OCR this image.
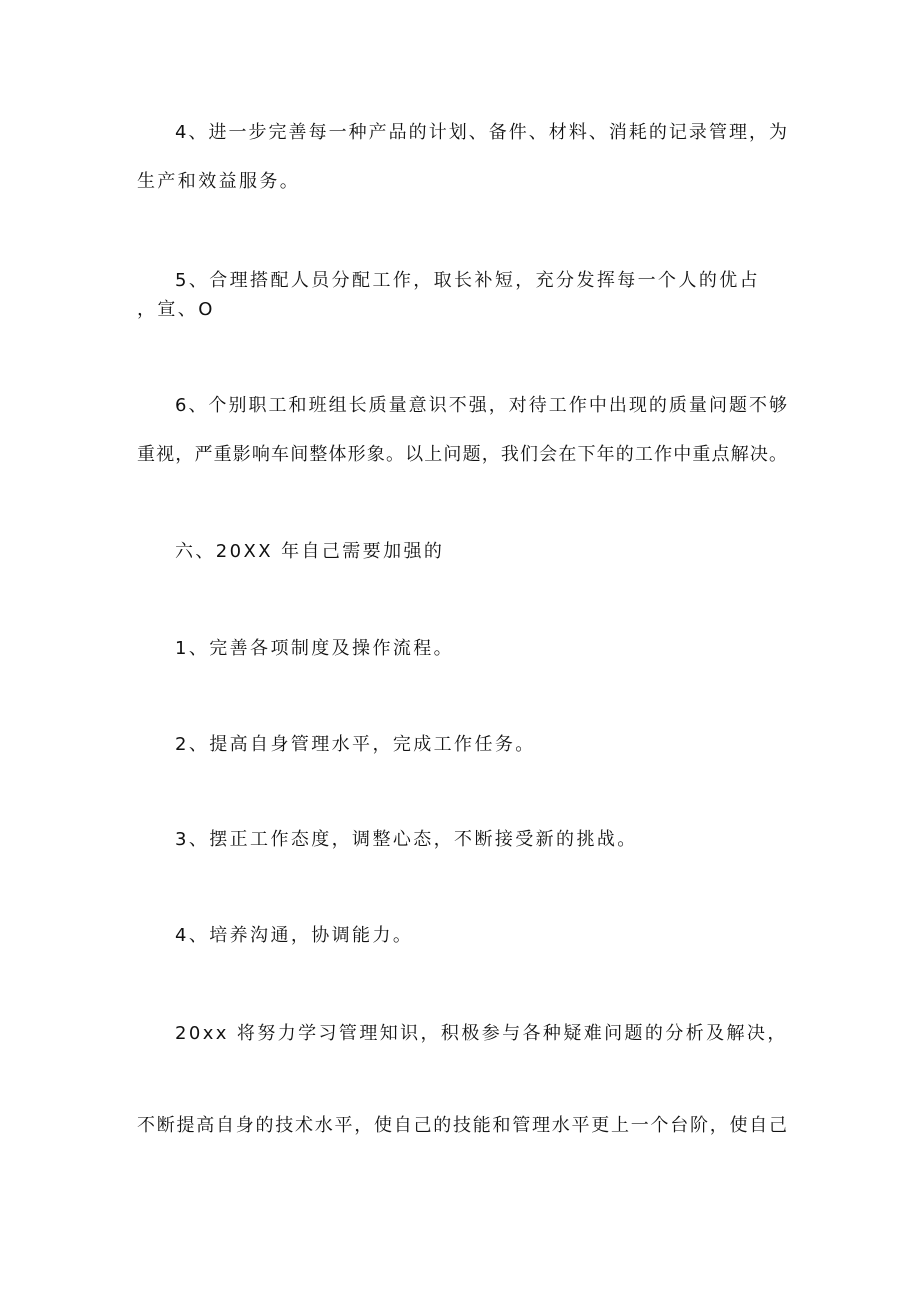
4、进一步完善每一种产品的计划、备件、材料、消耗的记录管理，为
生产和效益服务。
5、合理搭配人员分配工作，取长补短，充分发挥每一个人的优占
，宣、O
6、个别职工和班组长质量意识不强，对待工作中出现的质量问题不够
重视，严重影响车间整体形象。以上问题，我们会在下年的工作中重点解决。
六、20XX 年自己需要加强的
1、完善各项制度及操作流程。
2、提高自身管理水平，完成工作任务。
3、摆正工作态度，调整心态，不断接受新的挑战。
4、培养沟通，协调能力。
20xx 将努力学习管理知识，积极参与各种疑难问题的分析及解决，
不断提高自身的技术水平，使自己的技能和管理水平更上一个台阶，使自己
